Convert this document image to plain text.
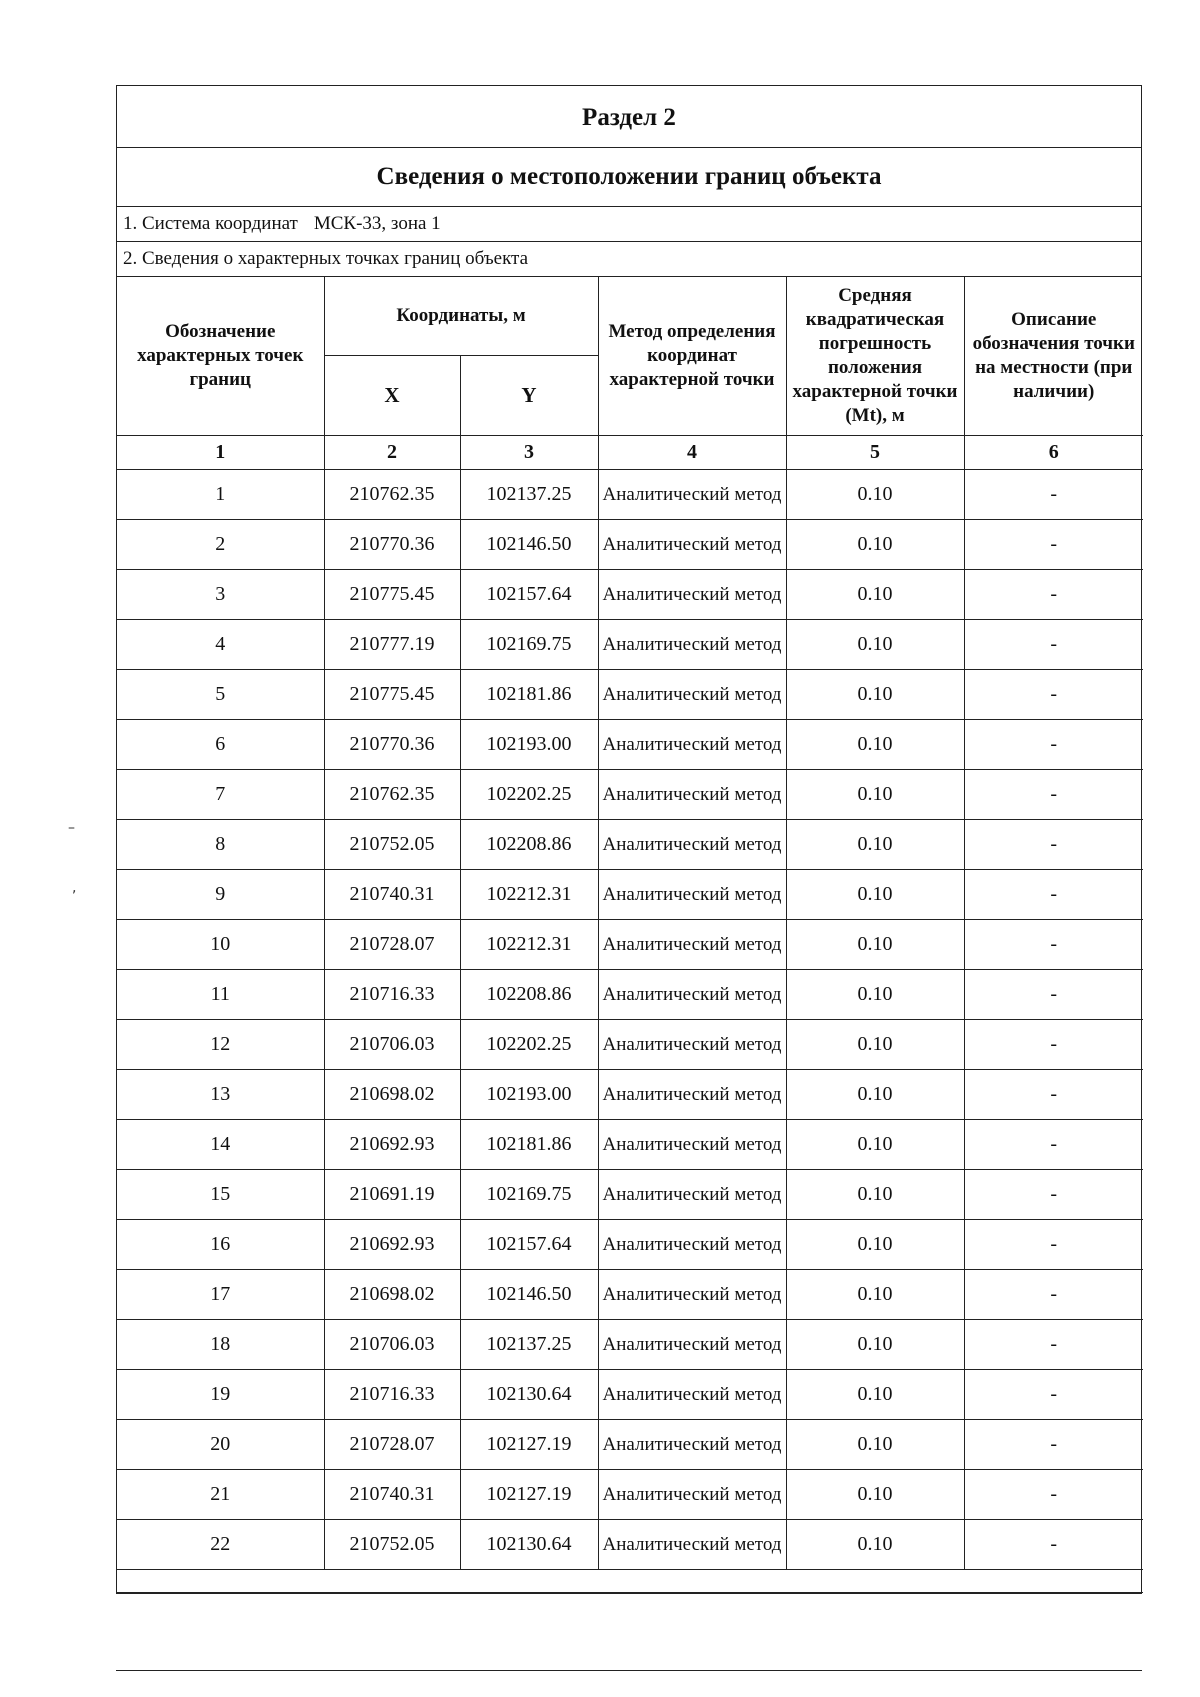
Раздел 2
Сведения о местоположении границ объекта
1. Система координат МСК-33, зона 1
2. Сведения о характерных точках границ объекта
Обозначение характерных точек границ	Координаты, м		Метод определения координат характерной точки	Средняя квадратическая погрешность положения характерной точки (Mt), м	Описание обозначения точки на местности (при наличии)
	X	Y			
1	2	3	4	5	6
1	210762.35	102137.25	Аналитический метод	0.10	-
2	210770.36	102146.50	Аналитический метод	0.10	-
3	210775.45	102157.64	Аналитический метод	0.10	-
4	210777.19	102169.75	Аналитический метод	0.10	-
5	210775.45	102181.86	Аналитический метод	0.10	-
6	210770.36	102193.00	Аналитический метод	0.10	-
7	210762.35	102202.25	Аналитический метод	0.10	-
8	210752.05	102208.86	Аналитический метод	0.10	-
9	210740.31	102212.31	Аналитический метод	0.10	-
10	210728.07	102212.31	Аналитический метод	0.10	-
11	210716.33	102208.86	Аналитический метод	0.10	-
12	210706.03	102202.25	Аналитический метод	0.10	-
13	210698.02	102193.00	Аналитический метод	0.10	-
14	210692.93	102181.86	Аналитический метод	0.10	-
15	210691.19	102169.75	Аналитический метод	0.10	-
16	210692.93	102157.64	Аналитический метод	0.10	-
17	210698.02	102146.50	Аналитический метод	0.10	-
18	210706.03	102137.25	Аналитический метод	0.10	-
19	210716.33	102130.64	Аналитический метод	0.10	-
20	210728.07	102127.19	Аналитический метод	0.10	-
21	210740.31	102127.19	Аналитический метод	0.10	-
22	210752.05	102130.64	Аналитический метод	0.10	-

–
,
